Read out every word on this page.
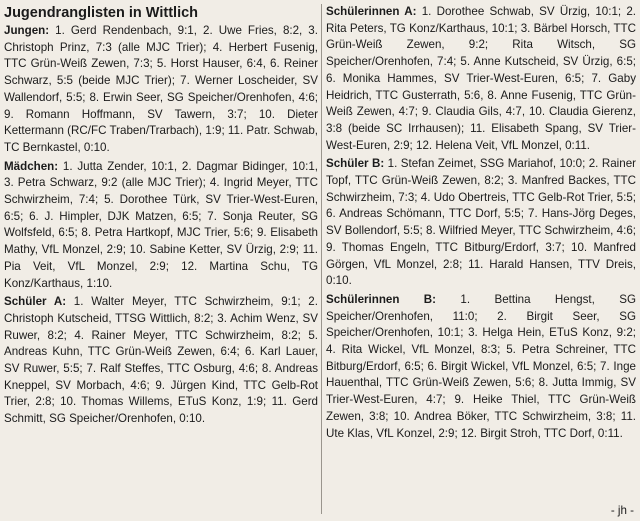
Jugendranglisten in Wittlich

Jungen: 1. Gerd Rendenbach, 9:1, 2. Uwe Fries, 8:2, 3. Christoph Prinz, 7:3 (alle MJC Trier); 4. Herbert Fusenig, TTC Grün-Weiß Zewen, 7:3; 5. Horst Hauser, 6:4, 6. Reiner Schwarz, 5:5 (beide MJC Trier); 7. Werner Loscheider, SV Wallendorf, 5:5; 8. Erwin Seer, SG Speicher/Orenhofen, 4:6; 9. Romann Hoffmann, SV Tawern, 3:7; 10. Dieter Kettermann (RC/FC Traben/Trarbach), 1:9; 11. Patr. Schwab, TC Bernkastel, 0:10.

Mädchen: 1. Jutta Zender, 10:1, 2. Dagmar Bidinger, 10:1, 3. Petra Schwarz, 9:2 (alle MJC Trier); 4. Ingrid Meyer, TTC Schwirzheim, 7:4; 5. Dorothee Türk, SV Trier-West-Euren, 6:5; 6. J. Himpler, DJK Matzen, 6:5; 7. Sonja Reuter, SG Wolfsfeld, 6:5; 8. Petra Hartkopf, MJC Trier, 5:6; 9. Elisabeth Mathy, VfL Monzel, 2:9; 10. Sabine Ketter, SV Ürzig, 2:9; 11. Pia Veit, VfL Monzel, 2:9; 12. Martina Schu, TG Konz/Karthaus, 1:10.

Schüler A: 1. Walter Meyer, TTC Schwirzheim, 9:1; 2. Christoph Kutscheid, TTSG Wittlich, 8:2; 3. Achim Wenz, SV Ruwer, 8:2; 4. Rainer Meyer, TTC Schwirzheim, 8:2; 5. Andreas Kuhn, TTC Grün-Weiß Zewen, 6:4; 6. Karl Lauer, SV Ruwer, 5:5; 7. Ralf Steffes, TTC Osburg, 4:6; 8. Andreas Kneppel, SV Morbach, 4:6; 9. Jürgen Kind, TTC Gelb-Rot Trier, 2:8; 10. Thomas Willems, ETuS Konz, 1:9; 11. Gerd Schmitt, SG Speicher/Orenhofen, 0:10.

Schülerinnen A: 1. Dorothee Schwab, SV Ürzig, 10:1; 2. Rita Peters, TG Konz/Karthaus, 10:1; 3. Bärbel Horsch, TTC Grün-Weiß Zewen, 9:2; Rita Witsch, SG Speicher/Orenhofen, 7:4; 5. Anne Kutscheid, SV Ürzig, 6:5; 6. Monika Hammes, SV Trier-West-Euren, 6:5; 7. Gaby Heidrich, TTC Gusterrath, 5:6, 8. Anne Fusenig, TTC Grün-Weiß Zewen, 4:7; 9. Claudia Gils, 4:7, 10. Claudia Gierenz, 3:8 (beide SC Irrhausen); 11. Elisabeth Spang, SV Trier-West-Euren, 2:9; 12. Helena Veit, VfL Monzel, 0:11.

Schüler B: 1. Stefan Zeimet, SSG Mariahof, 10:0; 2. Rainer Topf, TTC Grün-Weiß Zewen, 8:2; 3. Manfred Backes, TTC Schwirzheim, 7:3; 4. Udo Obertreis, TTC Gelb-Rot Trier, 5:5; 6. Andreas Schömann, TTC Dorf, 5:5; 7. Hans-Jörg Deges, SV Bollendorf, 5:5; 8. Wilfried Meyer, TTC Schwirzheim, 4:6; 9. Thomas Engeln, TTC Bitburg/Erdorf, 3:7; 10. Manfred Görgen, VfL Monzel, 2:8; 11. Harald Hansen, TTV Dreis, 0:10.

Schülerinnen B: 1. Bettina Hengst, SG Speicher/Orenhofen, 11:0; 2. Birgit Seer, SG Speicher/Orenhofen, 10:1; 3. Helga Hein, ETuS Konz, 9:2; 4. Rita Wickel, VfL Monzel, 8:3; 5. Petra Schreiner, TTC Bitburg/Erdorf, 6:5; 6. Birgit Wickel, VfL Monzel, 6:5; 7. Inge Hauenthal, TTC Grün-Weiß Zewen, 5:6; 8. Jutta Immig, SV Trier-West-Euren, 4:7; 9. Heike Thiel, TTC Grün-Weiß Zewen, 3:8; 10. Andrea Böker, TTC Schwirzheim, 3:8; 11. Ute Klas, VfL Konzel, 2:9; 12. Birgit Stroh, TTC Dorf, 0:11.

- jh -
